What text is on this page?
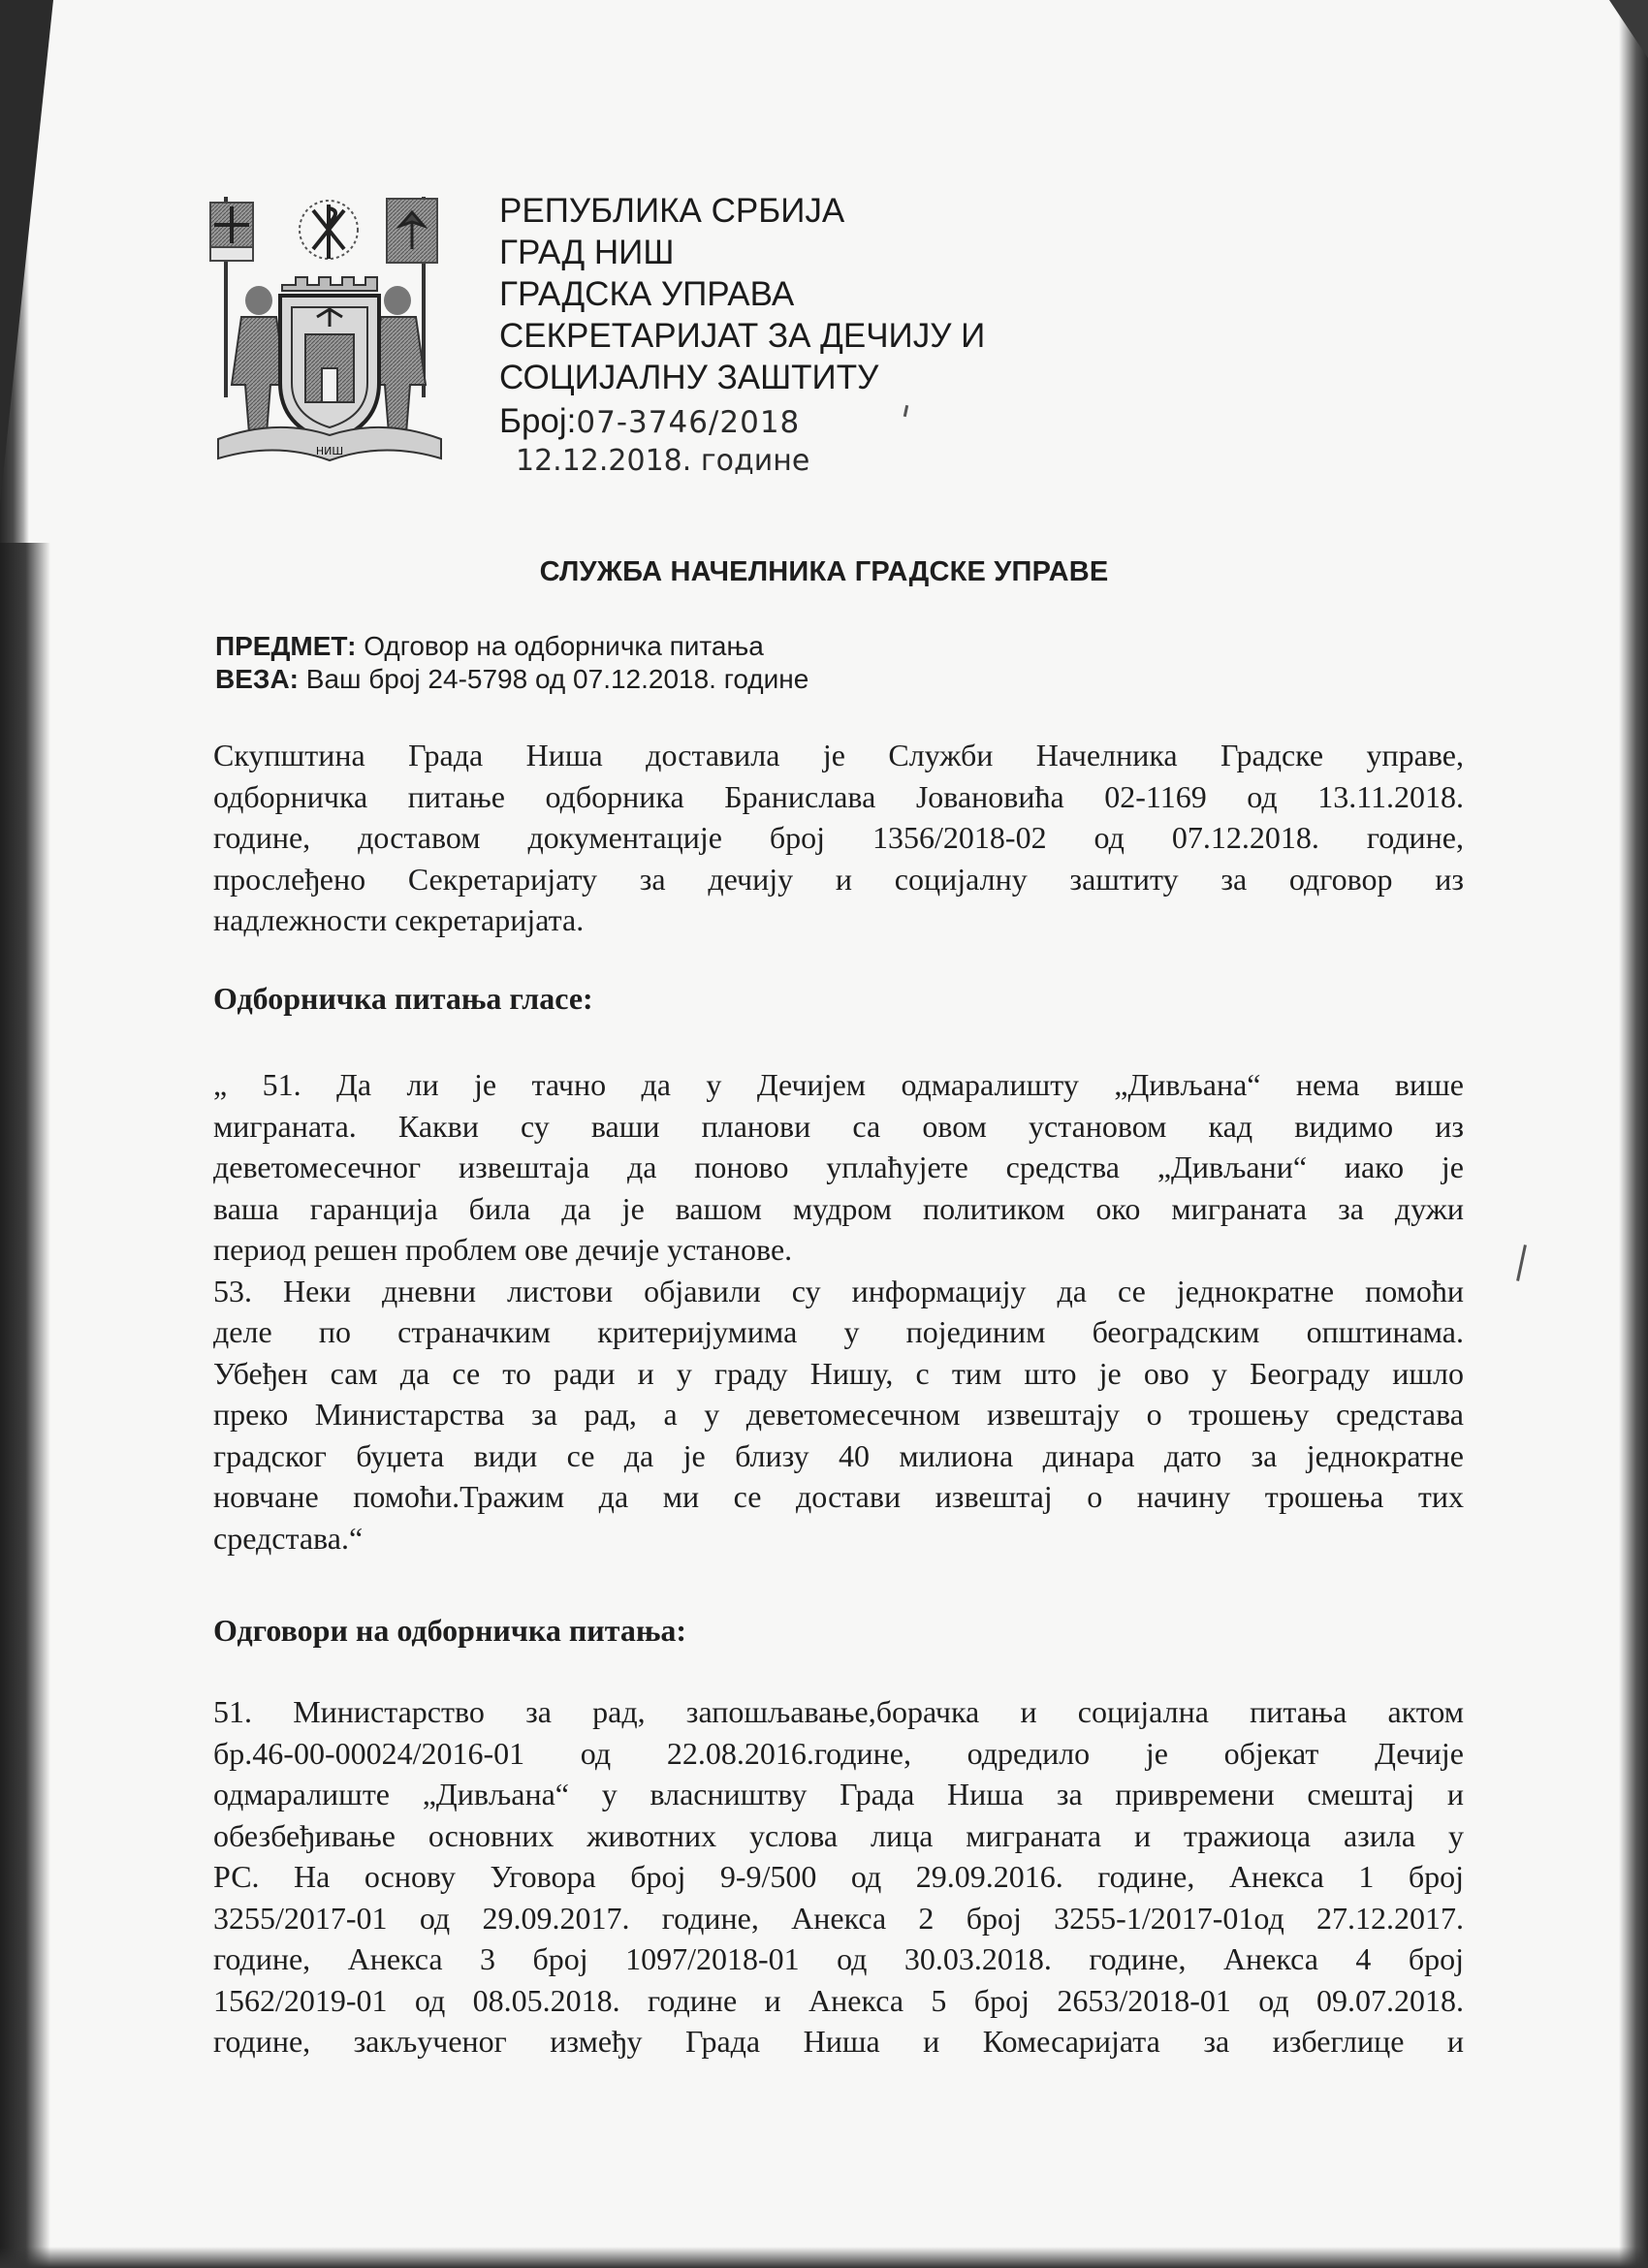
НИШ
РЕПУБЛИКА СРБИЈА
ГРАД НИШ
ГРАДСКА УПРАВА
СЕКРЕТАРИЈАТ ЗА ДЕЧИЈУ И
СОЦИЈАЛНУ ЗАШТИТУ
Број:07-3746/2018
12.12.2018. године
СЛУЖБА НАЧЕЛНИКА ГРАДСКЕ УПРАВЕ
ПРЕДМЕТ: Одговор на одборничка питања
ВЕЗА: Ваш број 24-5798 од 07.12.2018. године
Скупштина Града Ниша доставила је Служби Начелника Градске управе,
одборничка питање одборника Бранислава Јовановића 02-1169 од 13.11.2018.
године, доставом документације број 1356/2018-02 од 07.12.2018. године,
прослеђено Секретаријату за дечију и социјалну заштиту за одговор из
надлежности секретаријата.
Одборничка питања гласе:
„ 51. Да ли је тачно да у Дечијем одмаралишту „Дивљана“ нема више
миграната. Какви су ваши планови са овом установом кад видимо из
деветомесечног извештаја да поново уплаћујете средства „Дивљани“ иако је
ваша гаранција била да је вашом мудром политиком око миграната за дужи
период решен проблем ове дечије установе.
53. Неки дневни листови објавили су информацију да се једнократне помоћи
деле по страначким критеријумима у појединим београдским општинама.
Убеђен сам да се то ради и у граду Нишу, с тим што је ово у Београду ишло
преко Министарства за рад, а у деветомесечном извештају о трошењу средстава
градског буџета види се да је близу 40 милиона динара дато за једнократне
новчане помоћи.Тражим да ми се достави извештај о начину трошења тих
средстава.“
Одговори на одборничка питања:
51. Министарство за рад, запошљавање,борачка и социјална питања актом
бр.46-00-00024/2016-01 од 22.08.2016.године, одредило је објекат Дечије
одмаралиште „Дивљана“ у власништву Града Ниша за привремени смештај и
обезбеђивање основних животних услова лица миграната и тражиоца азила у
РС. На основу Уговора број 9-9/500 од 29.09.2016. године, Анекса 1 број
3255/2017-01 од 29.09.2017. године, Анекса 2 број 3255-1/2017-01од 27.12.2017.
године, Анекса 3 број 1097/2018-01 од 30.03.2018. године, Анекса 4 број
1562/2019-01 од 08.05.2018. године и Анекса 5 број 2653/2018-01 од 09.07.2018.
године, закљученог између Града Ниша и Комесаријата за избеглице и
